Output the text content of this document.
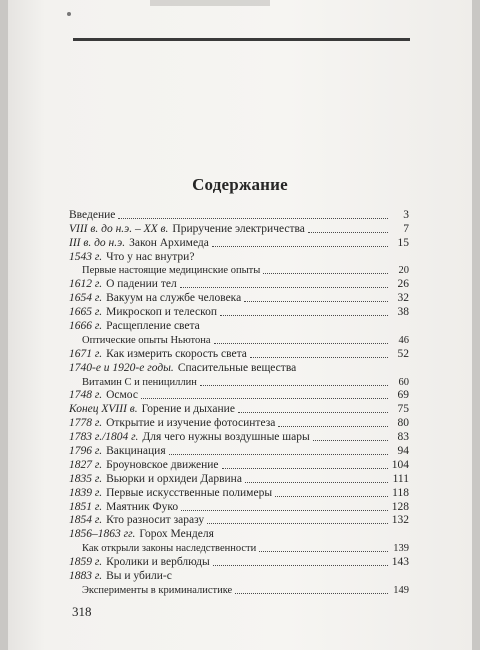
Содержание
Введение	3
VIII в. до н.э. – XX в. Приручение электричества	7
III в. до н.э. Закон Архимеда	15
1543 г. Что у нас внутри?
Первые настоящие медицинские опыты	20
1612 г. О падении тел	26
1654 г. Вакуум на службе человека	32
1665 г. Микроскоп и телескоп	38
1666 г. Расщепление света
Оптические опыты Ньютона	46
1671 г. Как измерить скорость света	52
1740-е и 1920-е годы. Спасительные вещества
Витамин С и пенициллин	60
1748 г. Осмос	69
Конец XVIII в. Горение и дыхание	75
1778 г. Открытие и изучение фотосинтеза	80
1783 г./1804 г. Для чего нужны воздушные шары	83
1796 г. Вакцинация	94
1827 г. Броуновское движение	104
1835 г. Вьюрки и орхидеи Дарвина	111
1839 г. Первые искусственные полимеры	118
1851 г. Маятник Фуко	128
1854 г. Кто разносит заразу	132
1856–1863 гг. Горох Менделя
Как открыли законы наследственности	139
1859 г. Кролики и верблюды	143
1883 г. Вы и убили-с
Эксперименты в криминалистике	149
318
